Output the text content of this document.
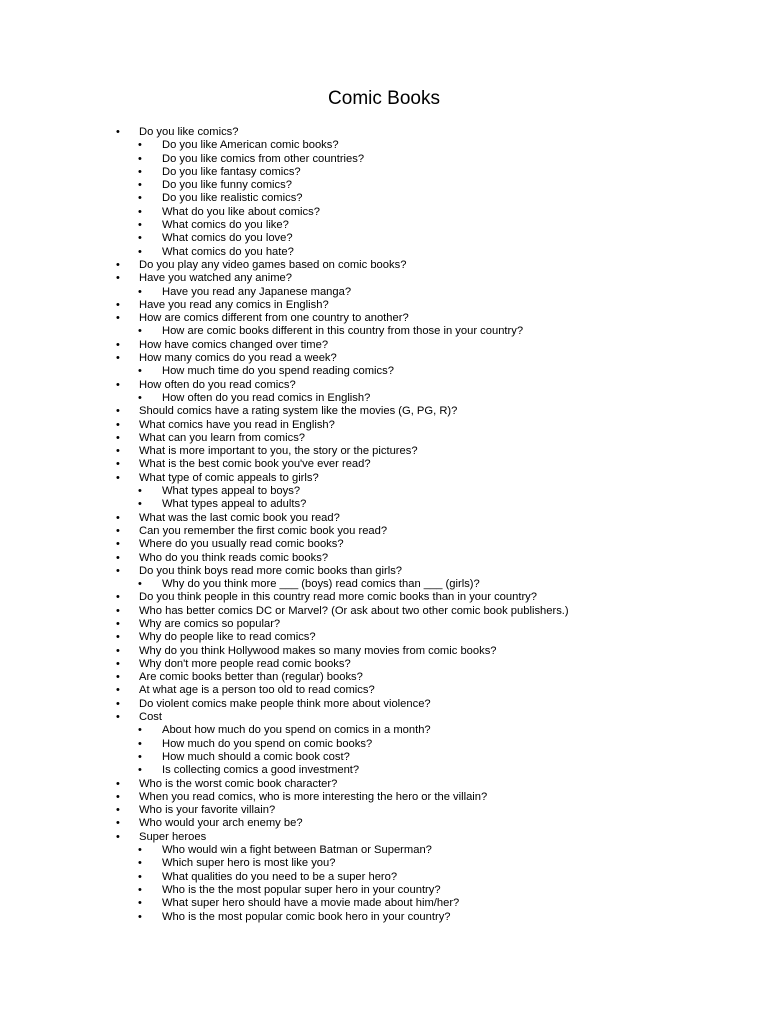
Comic Books
• Do you like comics?
• Do you like American comic books?
• Do you like comics from other countries?
• Do you like fantasy comics?
• Do you like funny comics?
• Do you like realistic comics?
• What do you like about comics?
• What comics do you like?
• What comics do you love?
• What comics do you hate?
• Do you play any video games based on comic books?
• Have you watched any anime?
• Have you read any Japanese manga?
• Have you read any comics in English?
• How are comics different from one country to another?
• How are comic books different in this country from those in your country?
• How have comics changed over time?
• How many comics do you read a week?
• How much time do you spend reading comics?
• How often do you read comics?
• How often do you read comics in English?
• Should comics have a rating system like the movies (G, PG, R)?
• What comics have you read in English?
• What can you learn from comics?
• What is more important to you, the story or the pictures?
• What is the best comic book you've ever read?
• What type of comic appeals to girls?
• What types appeal to boys?
• What types appeal to adults?
• What was the last comic book you read?
• Can you remember the first comic book you read?
• Where do you usually read comic books?
• Who do you think reads comic books?
• Do you think boys read more comic books than girls?
• Why do you think more ___ (boys) read comics than ___ (girls)?
• Do you think people in this country read more comic books than in your country?
• Who has better comics DC or Marvel? (Or ask about two other comic book publishers.)
• Why are comics so popular?
• Why do people like to read comics?
• Why do you think Hollywood makes so many movies from comic books?
• Why don't more people read comic books?
• Are comic books better than (regular) books?
• At what age is a person too old to read comics?
• Do violent comics make people think more about violence?
• Cost
• About how much do you spend on comics in a month?
• How much do you spend on comic books?
• How much should a comic book cost?
• Is collecting comics a good investment?
• Who is the worst comic book character?
• When you read comics, who is more interesting the hero or the villain?
• Who is your favorite villain?
• Who would your arch enemy be?
• Super heroes
• Who would win a fight between Batman or Superman?
• Which super hero is most like you?
• What qualities do you need to be a super hero?
• Who is the the most popular super hero in your country?
• What super hero should have a movie made about him/her?
• Who is the most popular comic book hero in your country?
